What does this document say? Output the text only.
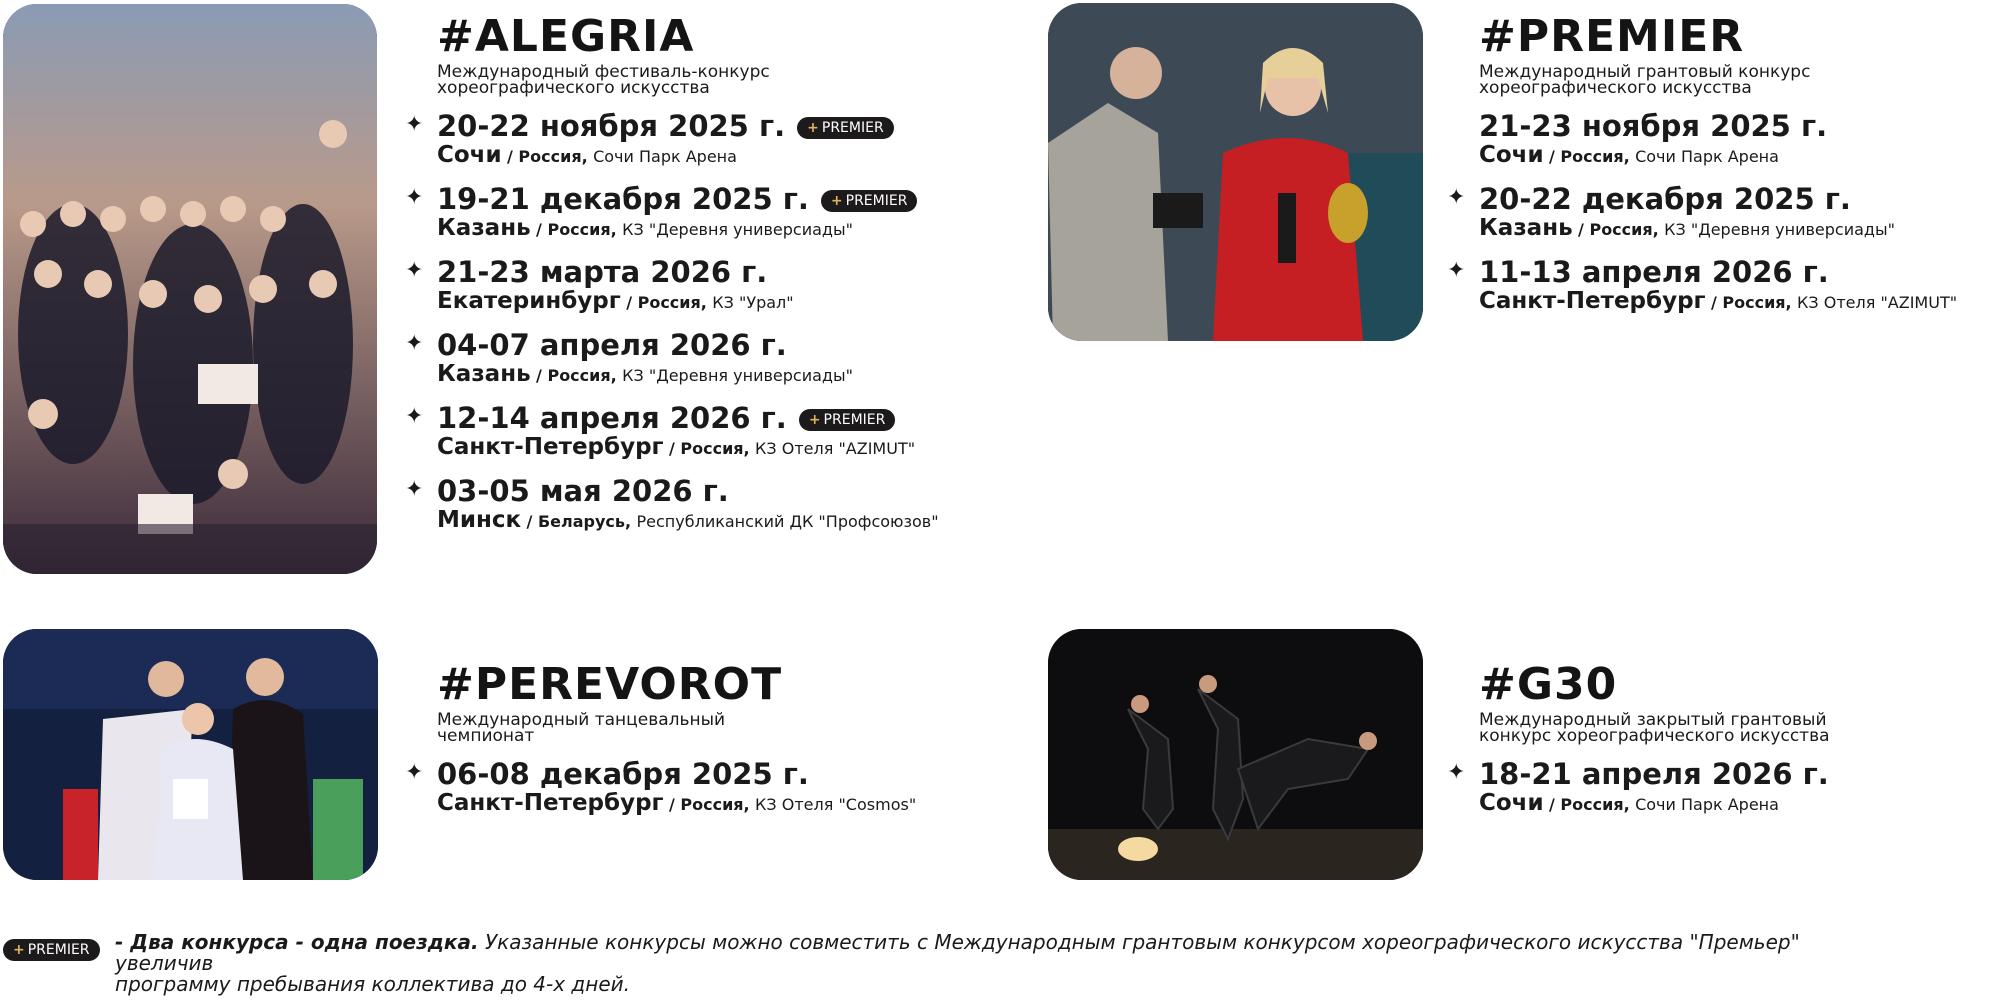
#ALEGRIA
Международный фестиваль-конкурс
хореографического искусства
✦ 20-22 ноября 2025 г. + PREMIER
Сочи / Россия, Сочи Парк Арена
✦ 19-21 декабря 2025 г. + PREMIER
Казань / Россия, КЗ "Деревня универсиады"
✦ 21-23 марта 2026 г.
Екатеринбург / Россия, КЗ "Урал"
✦ 04-07 апреля 2026 г.
Казань / Россия, КЗ "Деревня универсиады"
✦ 12-14 апреля 2026 г. + PREMIER
Санкт-Петербург / Россия, КЗ Отеля "AZIMUT"
✦ 03-05 мая 2026 г.
Минск / Беларусь, Республиканский ДК "Профсоюзов"
#PREMIER
Международный грантовый конкурс
хореографического искусства
21-23 ноября 2025 г.
Сочи / Россия, Сочи Парк Арена
✦ 20-22 декабря 2025 г.
Казань / Россия, КЗ "Деревня универсиады"
✦ 11-13 апреля 2026 г.
Санкт-Петербург / Россия, КЗ Отеля "AZIMUT"
#PEREVOROT
Международный танцевальный
чемпионат
✦ 06-08 декабря 2025 г.
Санкт-Петербург / Россия, КЗ Отеля "Cosmos"
#G30
Международный закрытый грантовый
конкурс хореографического искусства
✦ 18-21 апреля 2026 г.
Сочи / Россия, Сочи Парк Арена
+ PREMIER	- Два конкурса - одна поездка. Указанные конкурсы можно совместить с Международным грантовым конкурсом хореографического искусства "Премьер" увеличив
программу пребывания коллектива до 4-х дней.
